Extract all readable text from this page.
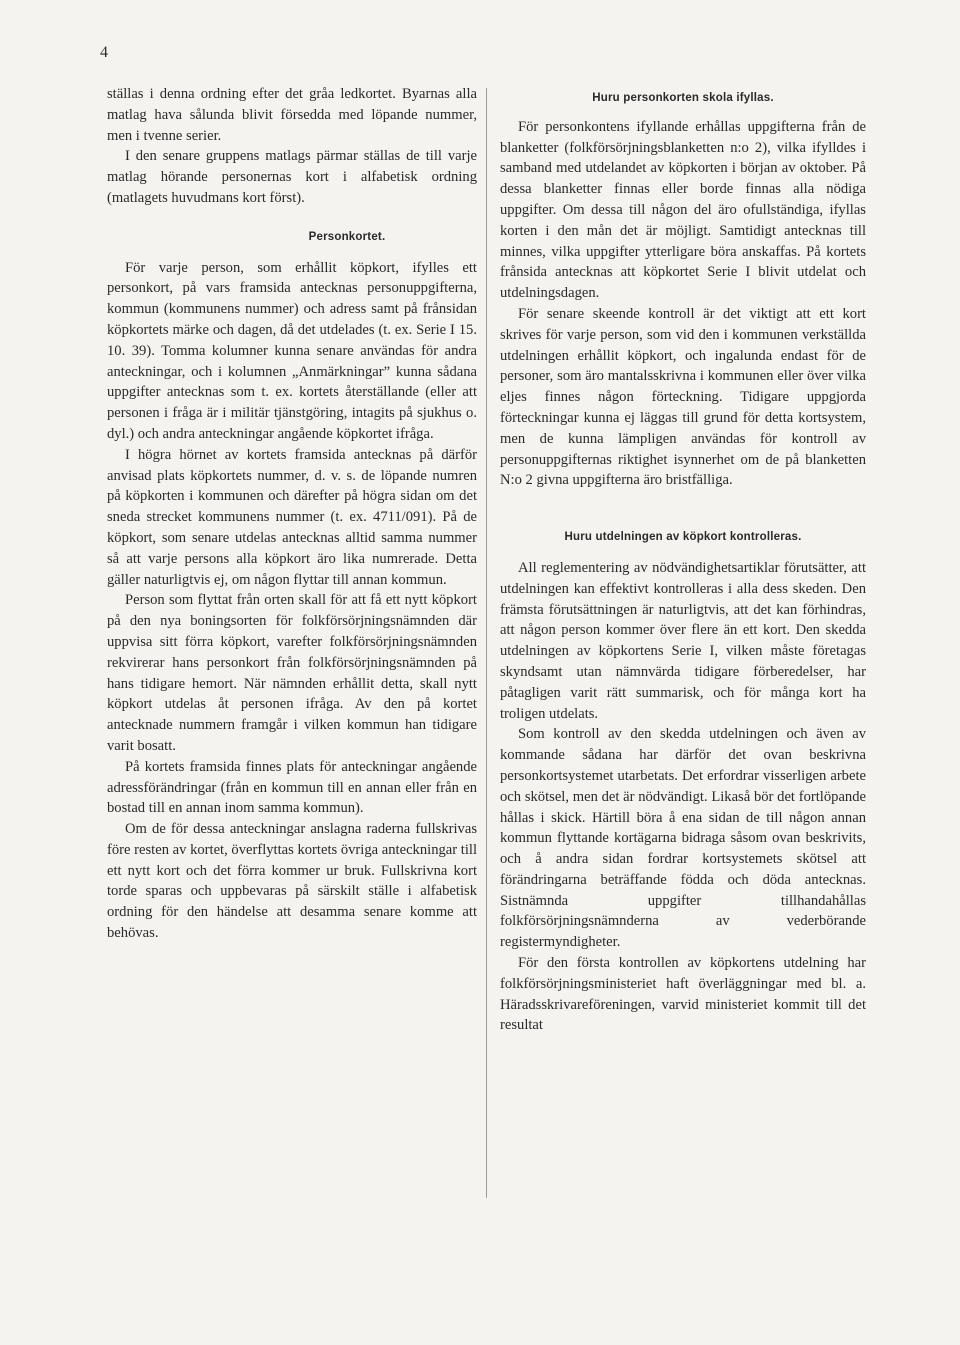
4

ställas i denna ordning efter det gråa ledkortet. Byarnas alla matlag hava sålunda blivit försedda med löpande nummer, men i tvenne serier.

I den senare gruppens matlags pärmar ställas de till varje matlag hörande personernas kort i alfabetisk ordning (matlagets huvudmans kort först).

Personkortet.

För varje person, som erhållit köpkort, ifylles ett personkort, på vars framsida antecknas personuppgifterna, kommun (kommunens nummer) och adress samt på frånsidan köpkortets märke och dagen, då det utdelades (t. ex. Serie I 15. 10. 39). Tomma kolumner kunna senare användas för andra anteckningar, och i kolumnen „Anmärkningar” kunna sådana uppgifter antecknas som t. ex. kortets återställande (eller att personen i fråga är i militär tjänstgöring, intagits på sjukhus o. dyl.) och andra anteckningar angående köpkortet ifråga.

I högra hörnet av kortets framsida antecknas på därför anvisad plats köpkortets nummer, d. v. s. de löpande numren på köpkorten i kommunen och därefter på högra sidan om det sneda strecket kommunens nummer (t. ex. 4711/091). På de köpkort, som senare utdelas antecknas alltid samma nummer så att varje persons alla köpkort äro lika numrerade. Detta gäller naturligtvis ej, om någon flyttar till annan kommun.

Person som flyttat från orten skall för att få ett nytt köpkort på den nya boningsorten för folkförsörjningsnämnden där uppvisa sitt förra köpkort, varefter folkförsörjningsnämnden rekvirerar hans personkort från folkförsörjningsnämnden på hans tidigare hemort. När nämnden erhållit detta, skall nytt köpkort utdelas åt personen ifråga. Av den på kortet antecknade nummern framgår i vilken kommun han tidigare varit bosatt.

På kortets framsida finnes plats för anteckningar angående adressförändringar (från en kommun till en annan eller från en bostad till en annan inom samma kommun).

Om de för dessa anteckningar anslagna raderna fullskrivas före resten av kortet, överflyttas kortets övriga anteckningar till ett nytt kort och det förra kommer ur bruk. Fullskrivna kort torde sparas och uppbevaras på särskilt ställe i alfabetisk ordning för den händelse att desamma senare komme att behövas.

Huru personkorten skola ifyllas.

För personkontens ifyllande erhållas uppgifterna från de blanketter (folkförsörjningsblanketten n:o 2), vilka ifylldes i samband med utdelandet av köpkorten i början av oktober. På dessa blanketter finnas eller borde finnas alla nödiga uppgifter. Om dessa till någon del äro ofullständiga, ifyllas korten i den mån det är möjligt. Samtidigt antecknas till minnes, vilka uppgifter ytterligare böra anskaffas. På kortets frånsida antecknas att köpkortet Serie I blivit utdelat och utdelningsdagen.

För senare skeende kontroll är det viktigt att ett kort skrives för varje person, som vid den i kommunen verkställda utdelningen erhållit köpkort, och ingalunda endast för de personer, som äro mantalsskrivna i kommunen eller över vilka eljes finnes någon förteckning. Tidigare uppgjorda förteckningar kunna ej läggas till grund för detta kortsystem, men de kunna lämpligen användas för kontroll av personuppgifternas riktighet isynnerhet om de på blanketten N:o 2 givna uppgifterna äro bristfälliga.

Huru utdelningen av köpkort kontrolleras.

All reglementering av nödvändighetsartiklar förutsätter, att utdelningen kan effektivt kontrolleras i alla dess skeden. Den främsta förutsättningen är naturligtvis, att det kan förhindras, att någon person kommer över flere än ett kort. Den skedda utdelningen av köpkortens Serie I, vilken måste företagas skyndsamt utan nämnvärda tidigare förberedelser, har påtagligen varit rätt summarisk, och för många kort ha troligen utdelats.

Som kontroll av den skedda utdelningen och även av kommande sådana har därför det ovan beskrivna personkortsystemet utarbetats. Det erfordrar visserligen arbete och skötsel, men det är nödvändigt. Likaså bör det fortlöpande hållas i skick. Härtill böra å ena sidan de till någon annan kommun flyttande kortägarna bidraga såsom ovan beskrivits, och å andra sidan fordrar kortsystemets skötsel att förändringarna beträffande födda och döda antecknas. Sistnämnda uppgifter tillhandahållas folkförsörjningsnämnderna av vederbörande registermyndigheter.

För den första kontrollen av köpkortens utdelning har folkförsörjningsministeriet haft överläggningar med bl. a. Häradsskrivareföreningen, varvid ministeriet kommit till det resultat
